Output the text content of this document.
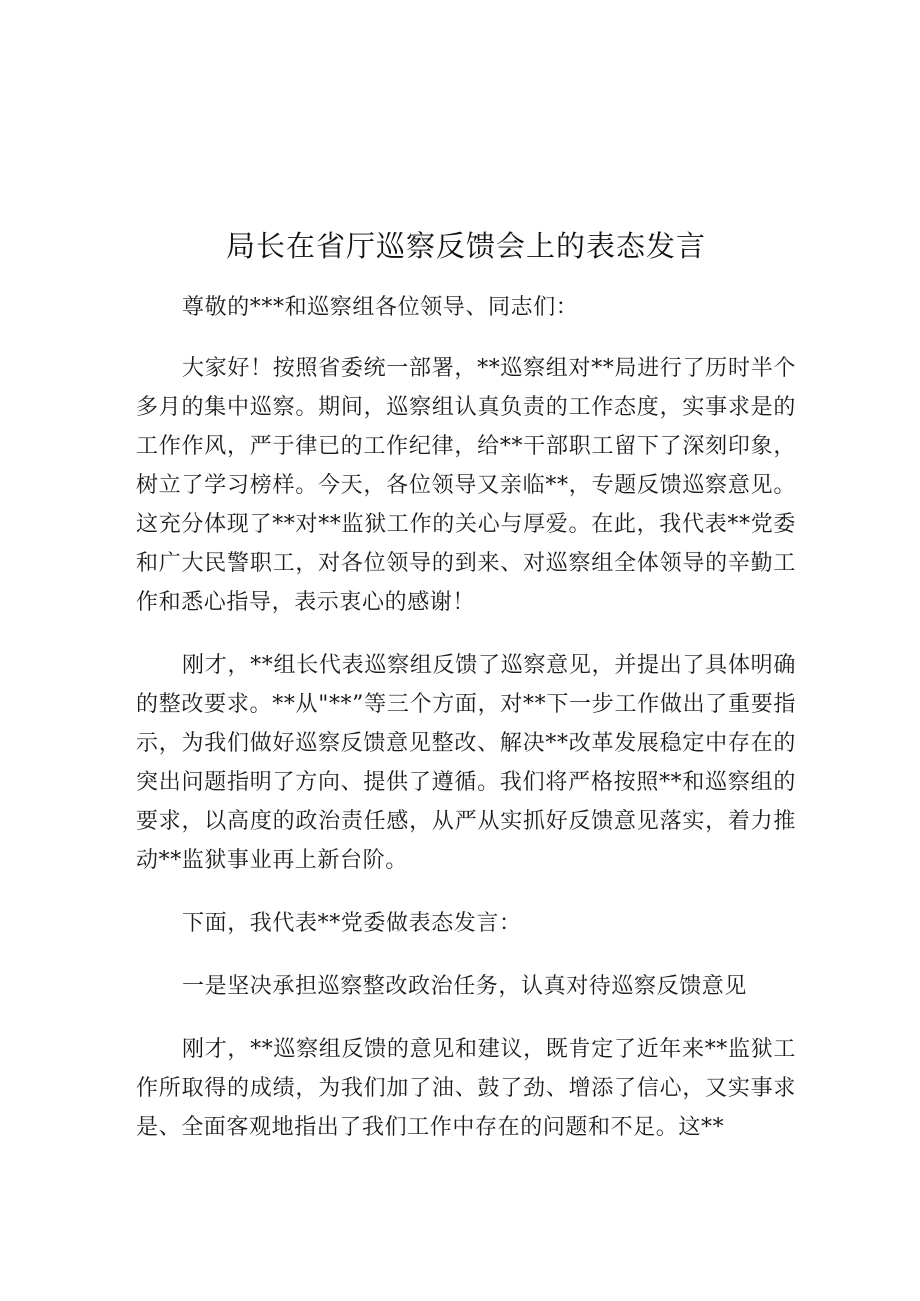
局长在省厅巡察反馈会上的表态发言

尊敬的***和巡察组各位领导、同志们：

大家好！按照省委统一部署，**巡察组对**局进行了历时半个多月的集中巡察。期间，巡察组认真负责的工作态度，实事求是的工作作风，严于律已的工作纪律，给**干部职工留下了深刻印象，树立了学习榜样。今天，各位领导又亲临**，专题反馈巡察意见。这充分体现了**对**监狱工作的关心与厚爱。在此，我代表**党委和广大民警职工，对各位领导的到来、对巡察组全体领导的辛勤工作和悉心指导，表示衷心的感谢！

刚才，**组长代表巡察组反馈了巡察意见，并提出了具体明确的整改要求。**从"**”等三个方面，对**下一步工作做出了重要指示，为我们做好巡察反馈意见整改、解决**改革发展稳定中存在的突出问题指明了方向、提供了遵循。我们将严格按照**和巡察组的要求，以高度的政治责任感，从严从实抓好反馈意见落实，着力推动**监狱事业再上新台阶。

下面，我代表**党委做表态发言：

一是坚决承担巡察整改政治任务，认真对待巡察反馈意见

刚才，**巡察组反馈的意见和建议，既肯定了近年来**监狱工作所取得的成绩，为我们加了油、鼓了劲、增添了信心，又实事求是、全面客观地指出了我们工作中存在的问题和不足。这**
